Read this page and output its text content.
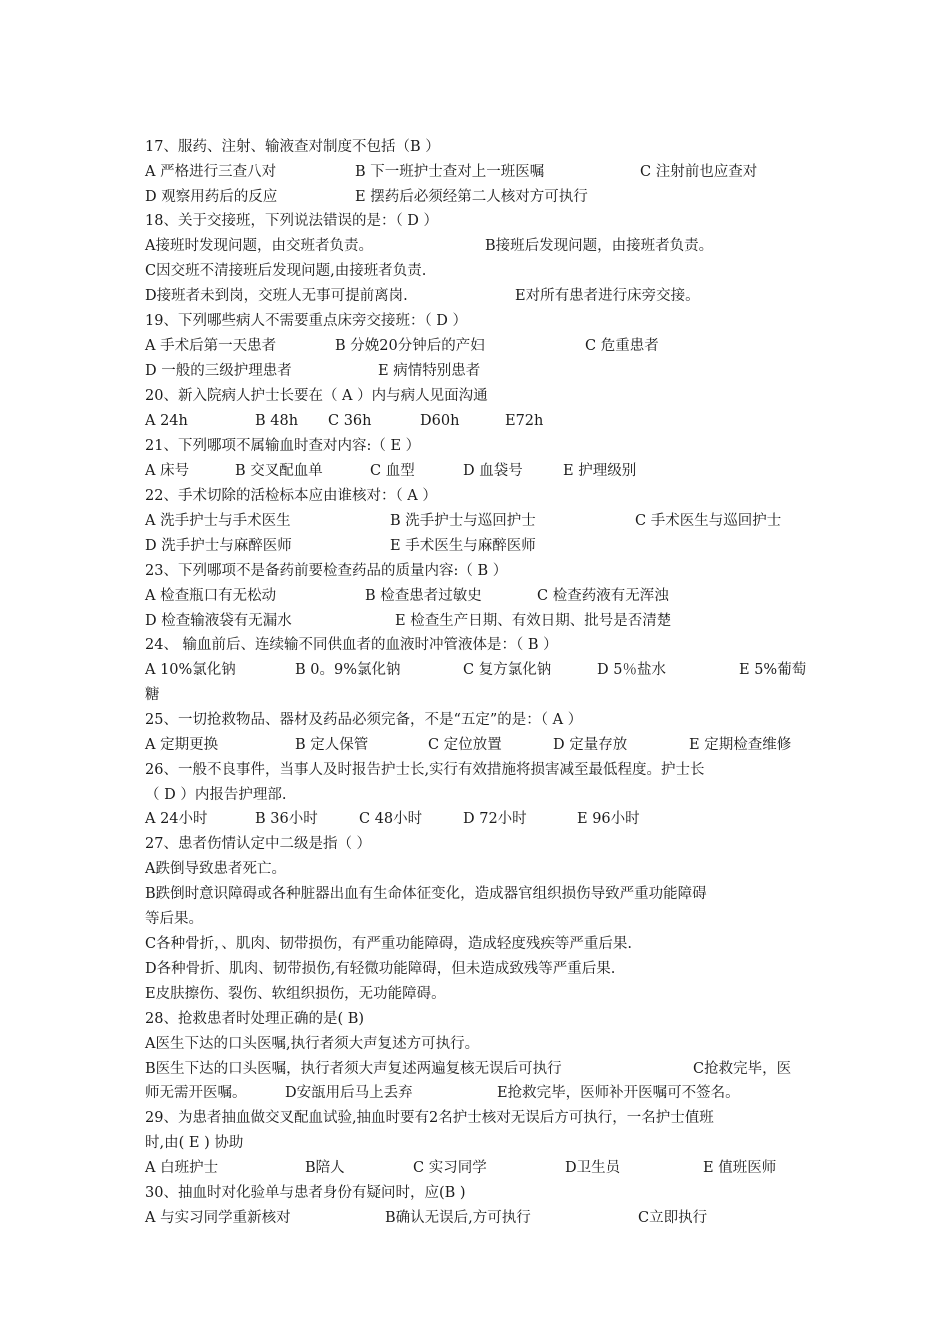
17、服药、注射、输液查对制度不包括（B ）
A 严格进行三查八对	B 下一班护士查对上一班医嘱	C 注射前也应查对
D 观察用药后的反应	E 摆药后必须经第二人核对方可执行
18、关于交接班，下列说法错误的是：（ D ）
A接班时发现问题，由交班者负责。	B接班后发现问题，由接班者负责。
C因交班不清接班后发现问题,由接班者负责.
D接班者未到岗，交班人无事可提前离岗.	E对所有患者进行床旁交接。
19、下列哪些病人不需要重点床旁交接班：（ D ）
A 手术后第一天患者	B 分娩20分钟后的产妇	C 危重患者
D 一般的三级护理患者	E 病情特别患者
20、新入院病人护士长要在（ A ）内与病人见面沟通
A 24h	B 48h C 36h	D60h	E72h
21、下列哪项不属输血时查对内容:（ E ）
A 床号	B 交叉配血单	C 血型	D 血袋号	E 护理级别
22、手术切除的活检标本应由谁核对：（ A ）
A 洗手护士与手术医生	B 洗手护士与巡回护士	C 手术医生与巡回护士
D 洗手护士与麻醉医师	E 手术医生与麻醉医师
23、下列哪项不是备药前要检查药品的质量内容:（ B ）
A 检查瓶口有无松动	B 检查患者过敏史	C 检查药液有无浑浊
D 检查输液袋有无漏水	E 检查生产日期、有效日期、批号是否清楚
24、 输血前后、连续输不同供血者的血液时冲管液体是：（ B ）
A 10%氯化钠	B 0。9%氯化钠	C 复方氯化钠	D 5％盐水	E 5%葡萄
糖
25、一切抢救物品、器材及药品必须完备，不是“五定”的是：（ A ）
A 定期更换	B 定人保管	C 定位放置	D 定量存放	E 定期检查维修
26、一般不良事件，当事人及时报告护士长,实行有效措施将损害减至最低程度。护士长
（ D ）内报告护理部.
A 24小时	B 36小时	C 48小时	D 72小时	E 96小时
27、患者伤情认定中二级是指（ ）
A跌倒导致患者死亡。
B跌倒时意识障碍或各种脏器出血有生命体征变化，造成器官组织损伤导致严重功能障碍
等后果。
C各种骨折，、肌肉、韧带损伤，有严重功能障碍，造成轻度残疾等严重后果.
D各种骨折、肌肉、韧带损伤,有轻微功能障碍，但未造成致残等严重后果.
E皮肤擦伤、裂伤、软组织损伤，无功能障碍。
28、抢救患者时处理正确的是( B)
A医生下达的口头医嘱,执行者须大声复述方可执行。
B医生下达的口头医嘱，执行者须大声复述两遍复核无误后可执行	C抢救完毕，医
师无需开医嘱。	D安瓿用后马上丢弃	E抢救完毕，医师补开医嘱可不签名。
29、为患者抽血做交叉配血试验,抽血时要有2名护士核对无误后方可执行，一名护士值班
时,由( E ) 协助
A 白班护士	B陪人	C 实习同学	D卫生员	E 值班医师
30、抽血时对化验单与患者身份有疑问时，应(B )
A 与实习同学重新核对	B确认无误后,方可执行	C立即执行
